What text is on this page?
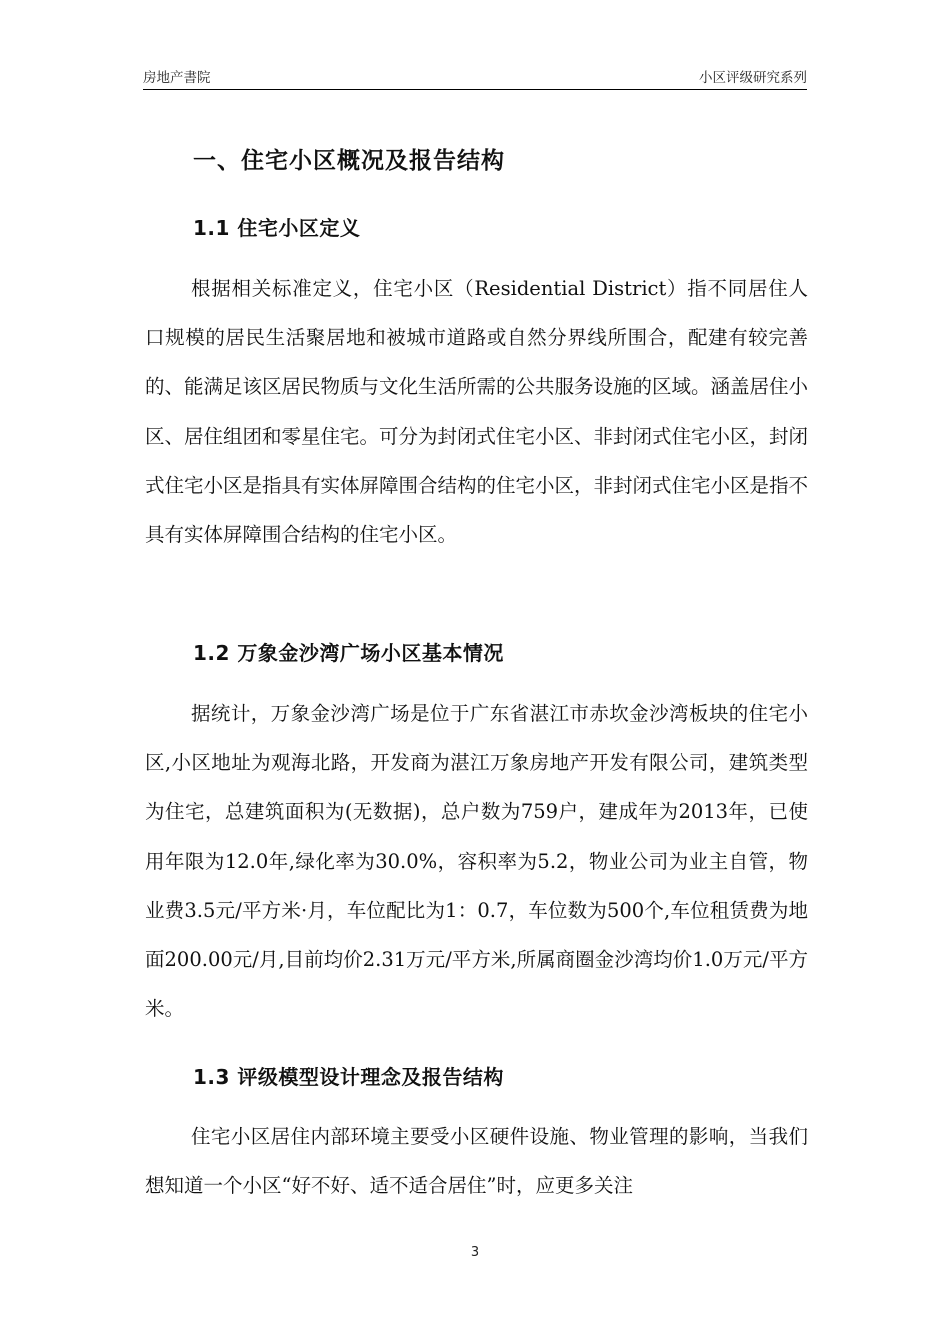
房地产書院	小区评级研究系列
一、住宅小区概况及报告结构
1.1 住宅小区定义
根据相关标准定义，住宅小区（Residential District）指不同居住人口规模的居民生活聚居地和被城市道路或自然分界线所围合，配建有较完善的、能满足该区居民物质与文化生活所需的公共服务设施的区域。涵盖居住小区、居住组团和零星住宅。可分为封闭式住宅小区、非封闭式住宅小区，封闭式住宅小区是指具有实体屏障围合结构的住宅小区，非封闭式住宅小区是指不具有实体屏障围合结构的住宅小区。
1.2 万象金沙湾广场小区基本情况
据统计，万象金沙湾广场是位于广东省湛江市赤坎金沙湾板块的住宅小区,小区地址为观海北路，开发商为湛江万象房地产开发有限公司，建筑类型为住宅，总建筑面积为(无数据)，总户数为759户，建成年为2013年，已使用年限为12.0年,绿化率为30.0%，容积率为5.2，物业公司为业主自管，物业费3.5元/平方米·月，车位配比为1：0.7，车位数为500个,车位租赁费为地面200.00元/月,目前均价2.31万元/平方米,所属商圈金沙湾均价1.0万元/平方米。
1.3 评级模型设计理念及报告结构
住宅小区居住内部环境主要受小区硬件设施、物业管理的影响，当我们想知道一个小区“好不好、适不适合居住”时，应更多关注
3
